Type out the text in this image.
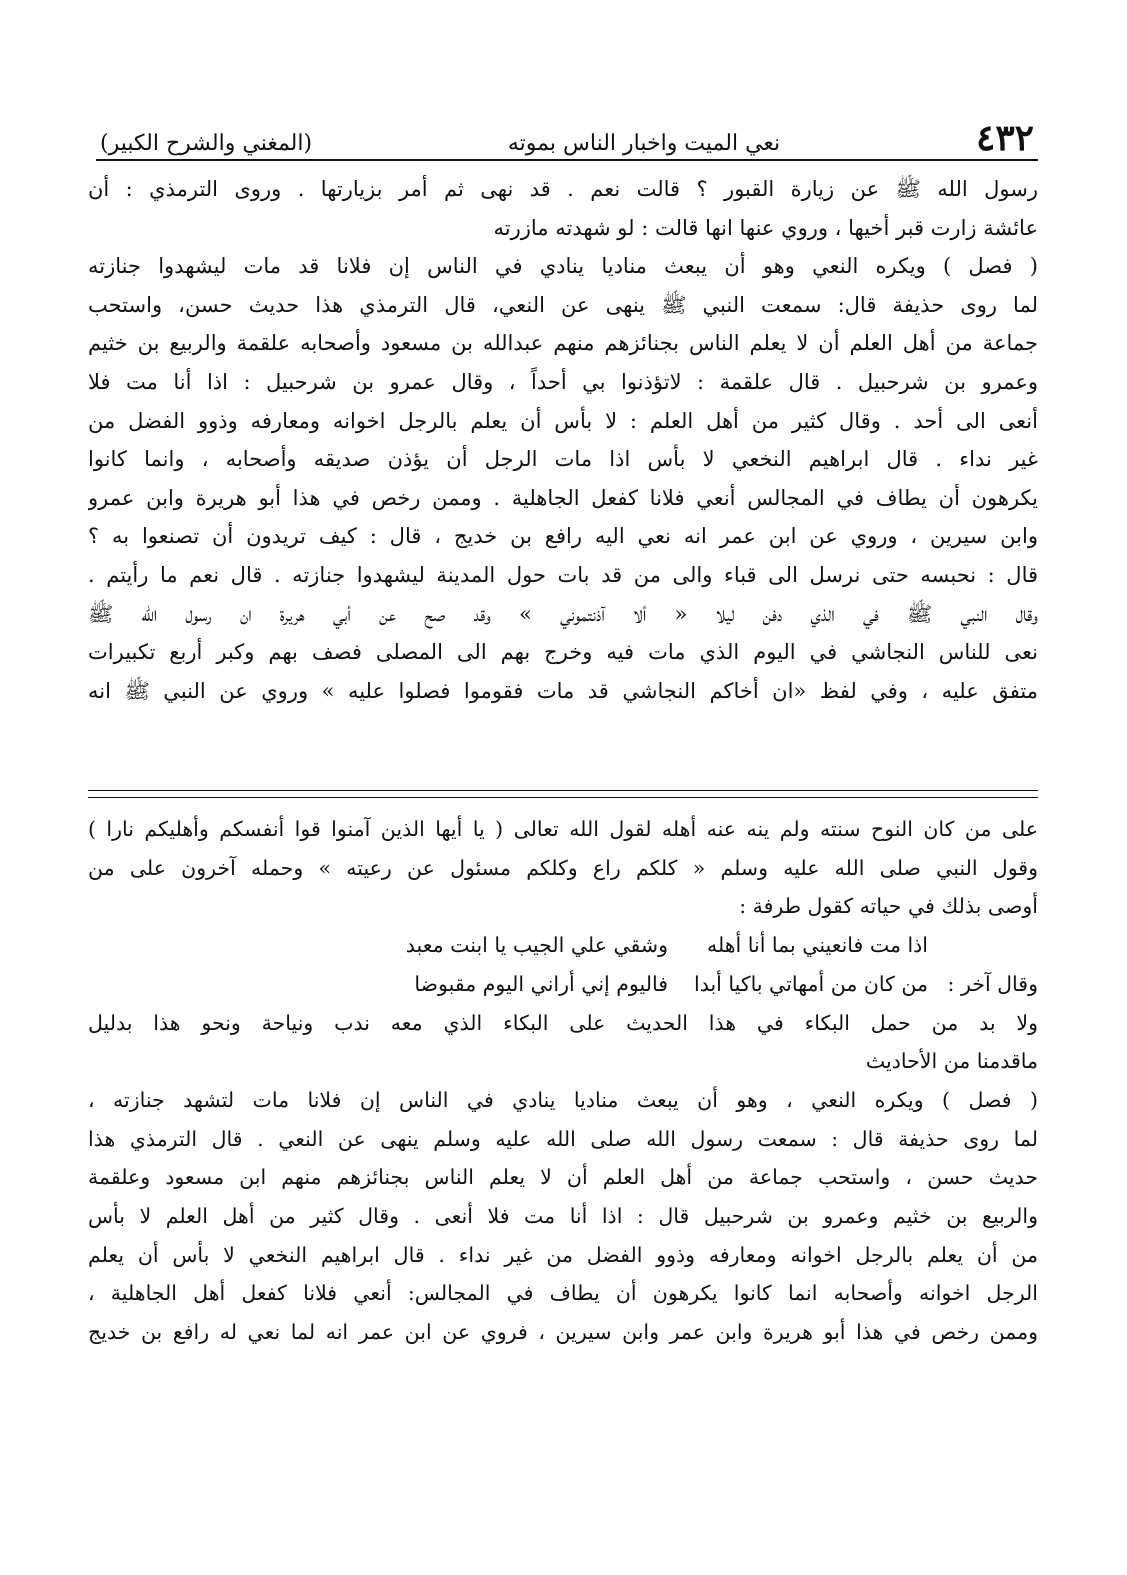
٤٣٢
نعي الميت واخبار الناس بموته
(المغني والشرح الكبير)
رسول الله ﷺ عن زيارة القبور ؟ قالت نعم . قد نهى ثم أمر بزيارتها . وروى الترمذي : أن
عائشة زارت قبر أخيها ، وروي عنها انها قالت : لو شهدته مازرته
( فصل ) ويكره النعي وهو أن يبعث مناديا ينادي في الناس إن فلانا قد مات ليشهدوا جنازته
لما روى حذيفة قال: سمعت النبي ﷺ ينهى عن النعي، قال الترمذي هذا حديث حسن، واستحب
جماعة من أهل العلم أن لا يعلم الناس بجنائزهم منهم عبدالله بن مسعود وأصحابه علقمة والربيع بن خثيم
وعمرو بن شرحبيل . قال علقمة : لاتؤذنوا بي أحداً ، وقال عمرو بن شرحبيل : اذا أنا مت فلا
أنعى الى أحد . وقال كثير من أهل العلم : لا بأس أن يعلم بالرجل اخوانه ومعارفه وذوو الفضل من
غير نداء . قال ابراهيم النخعي لا بأس اذا مات الرجل أن يؤذن صديقه وأصحابه ، وانما كانوا
يكرهون أن يطاف في المجالس أنعي فلانا كفعل الجاهلية . وممن رخص في هذا أبو هريرة وابن عمرو
وابن سيرين ، وروي عن ابن عمر انه نعي اليه رافع بن خديج ، قال : كيف تريدون أن تصنعوا به ؟
قال : نحبسه حتى نرسل الى قباء والى من قد بات حول المدينة ليشهدوا جنازته . قال نعم ما رأيتم .
وقال النبي ﷺ في الذي دفن ليلا « ألا آذنتموني » وقد صح عن أبي هريرة ان رسول الله ﷺ
نعى للناس النجاشي في اليوم الذي مات فيه وخرج بهم الى المصلى فصف بهم وكبر أربع تكبيرات
متفق عليه ، وفي لفظ «ان أخاكم النجاشي قد مات فقوموا فصلوا عليه » وروي عن النبي ﷺ انه
على من كان النوح سنته ولم ينه عنه أهله لقول الله تعالى ( يا أيها الذين آمنوا قوا أنفسكم وأهليكم نارا )
وقول النبي صلى الله عليه وسلم « كلكم راع وكلكم مسئول عن رعيته » وحمله آخرون على من
أوصى بذلك في حياته كقول طرفة :
اذا مت فانعيني بما أنا أهله
وشقي علي الجيب يا ابنت معبد
وقال آخر :
من كان من أمهاتي باكيا أبدا
فاليوم إني أراني اليوم مقبوضا
ولا بد من حمل البكاء في هذا الحديث على البكاء الذي معه ندب ونياحة ونحو هذا بدليل
ماقدمنا من الأحاديث
( فصل ) ويكره النعي ، وهو أن يبعث مناديا ينادي في الناس إن فلانا مات لتشهد جنازته ،
لما روى حذيفة قال : سمعت رسول الله صلى الله عليه وسلم ينهى عن النعي . قال الترمذي هذا
حديث حسن ، واستحب جماعة من أهل العلم أن لا يعلم الناس بجنائزهم منهم ابن مسعود وعلقمة
والربيع بن خثيم وعمرو بن شرحبيل قال : اذا أنا مت فلا أنعى . وقال كثير من أهل العلم لا بأس
من أن يعلم بالرجل اخوانه ومعارفه وذوو الفضل من غير نداء . قال ابراهيم النخعي لا بأس أن يعلم
الرجل اخوانه وأصحابه انما كانوا يكرهون أن يطاف في المجالس: أنعي فلانا كفعل أهل الجاهلية ،
وممن رخص في هذا أبو هريرة وابن عمر وابن سيرين ، فروي عن ابن عمر انه لما نعي له رافع بن خديج
